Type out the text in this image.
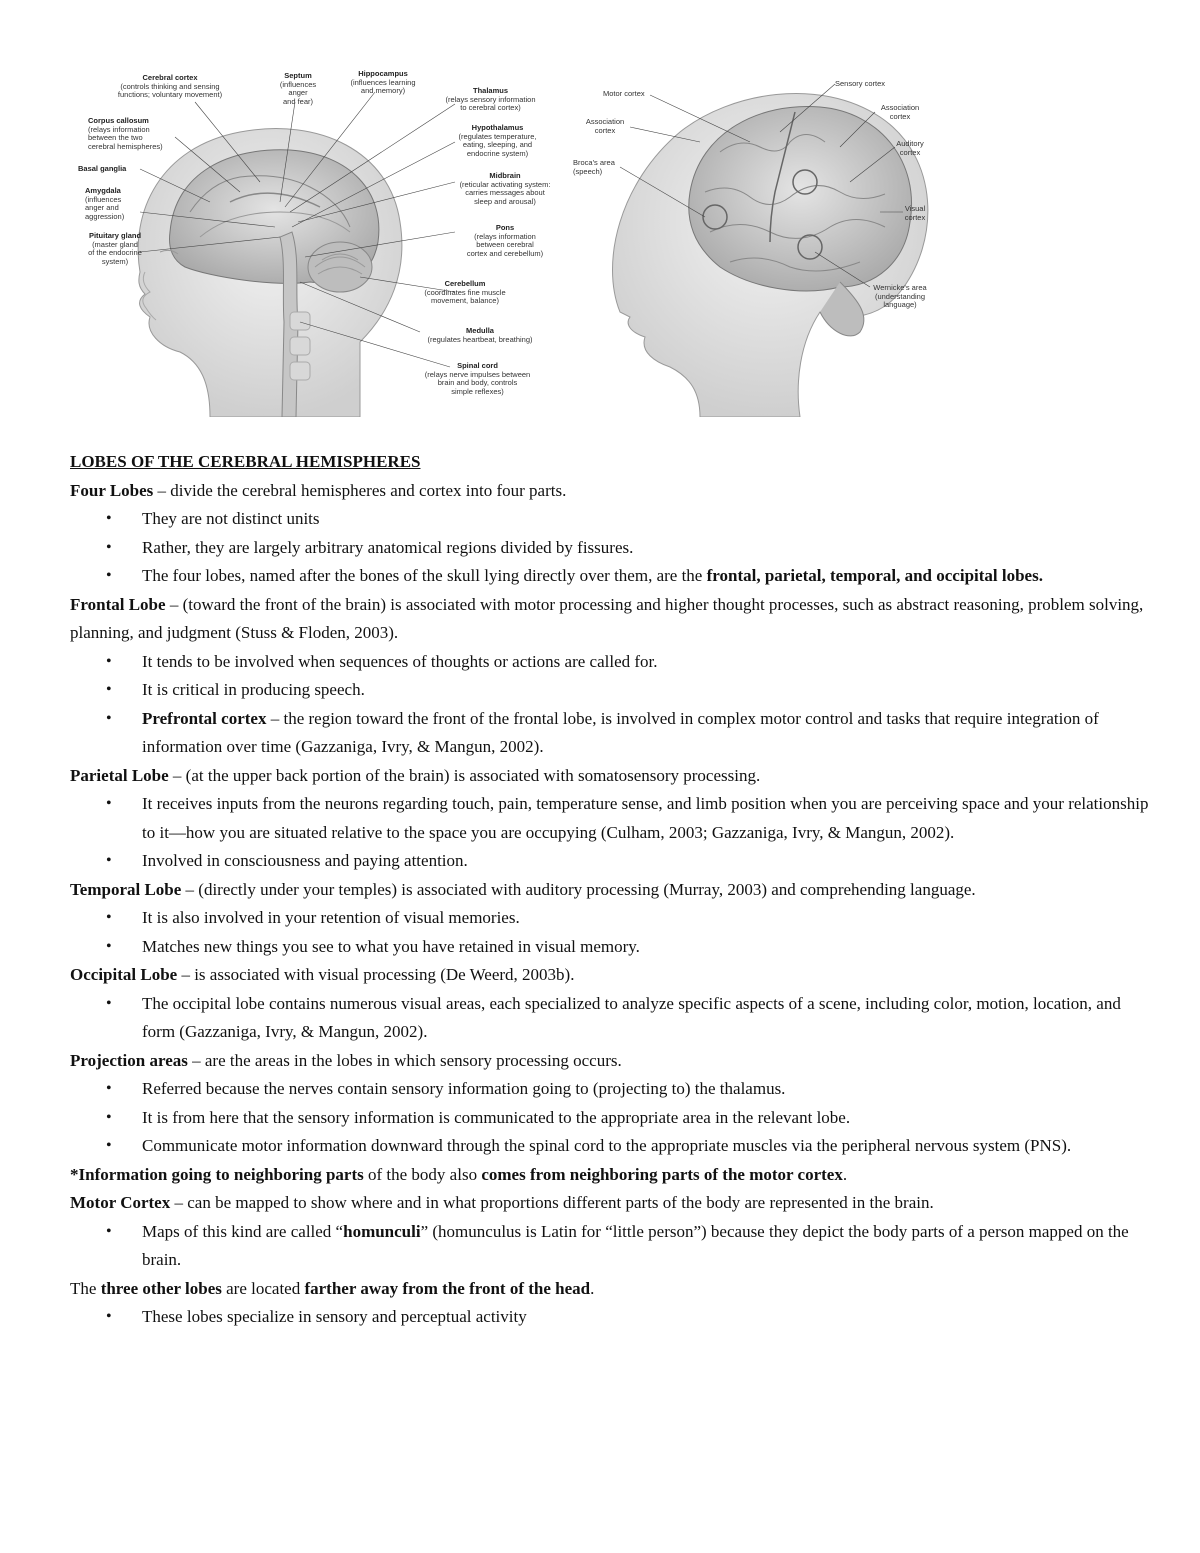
Cerebral cortex
(controls thinking and sensing
functions; voluntary movement)
Septum
(influences
anger
and fear)
Hippocampus
(influences learning
and memory)	Thalamus
(relays sensory information
to cerebral cortex)
Corpus callosum
(relays information
between the two
cerebral hemispheres)
Hypothalamus
(regulates temperature,
eating, sleeping, and
endocrine system)
Basal ganglia
Midbrain
(reticular activating system:
carries messages about
sleep and arousal)
Amygdala
(influences
anger and
aggression)
Pons
(relays information
between cerebral
cortex and cerebellum)
Pituitary gland
(master gland
of the endocrine
system)
Cerebellum
(coordinates fine muscle
movement, balance)
Medulla
(regulates heartbeat, breathing)
Spinal cord
(relays nerve impulses between
brain and body, controls
simple reflexes)
Sensory cortex
Motor cortex
Association
cortex
Association
cortex
Auditory
cortex
Broca's area
(speech)
Visual
cortex
Wernicke's area
(understanding
language)
LOBES OF THE CEREBRAL HEMISPHERES

Four Lobes – divide the cerebral hemispheres and cortex into four parts.

• They are not distinct units
• Rather, they are largely arbitrary anatomical regions divided by fissures.
• The four lobes, named after the bones of the skull lying directly over them, are the frontal, parietal, temporal, and occipital lobes.

Frontal Lobe – (toward the front of the brain) is associated with motor processing and higher thought processes, such as abstract reasoning, problem solving, planning, and judgment (Stuss & Floden, 2003).

• It tends to be involved when sequences of thoughts or actions are called for.
• It is critical in producing speech.
• Prefrontal cortex – the region toward the front of the frontal lobe, is involved in complex motor control and tasks that require integration of information over time (Gazzaniga, Ivry, & Mangun, 2002).

Parietal Lobe – (at the upper back portion of the brain) is associated with somatosensory processing.

• It receives inputs from the neurons regarding touch, pain, temperature sense, and limb position when you are perceiving space and your relationship to it—how you are situated relative to the space you are occupying (Culham, 2003; Gazzaniga, Ivry, & Mangun, 2002).
• Involved in consciousness and paying attention.

Temporal Lobe – (directly under your temples) is associated with auditory processing (Murray, 2003) and comprehending language.

• It is also involved in your retention of visual memories.
• Matches new things you see to what you have retained in visual memory.

Occipital Lobe – is associated with visual processing (De Weerd, 2003b).

• The occipital lobe contains numerous visual areas, each specialized to analyze specific aspects of a scene, including color, motion, location, and form (Gazzaniga, Ivry, & Mangun, 2002).

Projection areas – are the areas in the lobes in which sensory processing occurs.

• Referred because the nerves contain sensory information going to (projecting to) the thalamus.
• It is from here that the sensory information is communicated to the appropriate area in the relevant lobe.
• Communicate motor information downward through the spinal cord to the appropriate muscles via the peripheral nervous system (PNS).

*Information going to neighboring parts of the body also comes from neighboring parts of the motor cortex.

Motor Cortex – can be mapped to show where and in what proportions different parts of the body are represented in the brain.

• Maps of this kind are called “homunculi” (homunculus is Latin for “little person”) because they depict the body parts of a person mapped on the brain.

The three other lobes are located farther away from the front of the head.

• These lobes specialize in sensory and perceptual activity
